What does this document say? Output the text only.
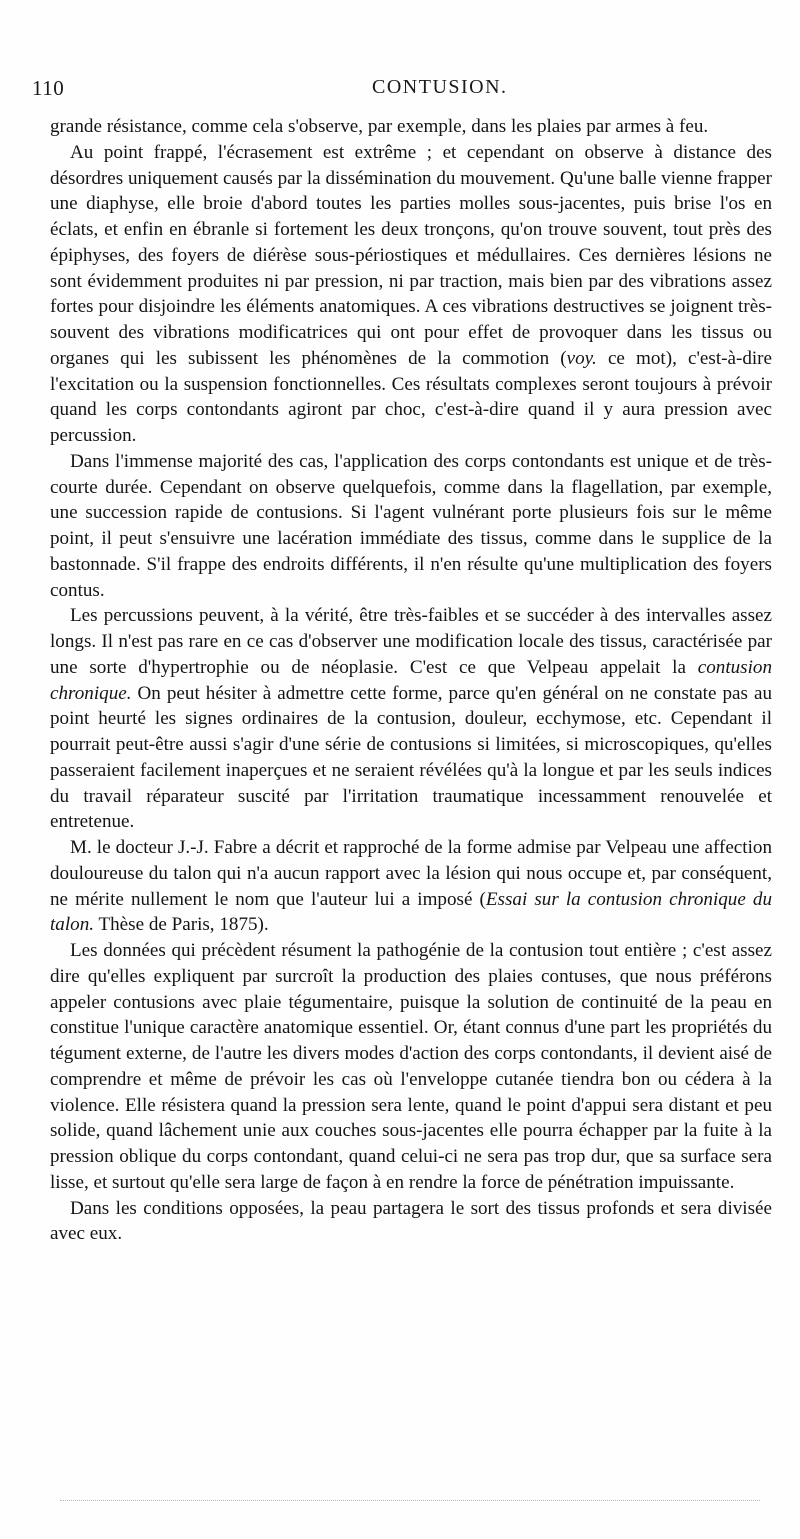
110	CONTUSION.

grande résistance, comme cela s'observe, par exemple, dans les plaies par armes à feu.

Au point frappé, l'écrasement est extrême ; et cependant on observe à distance des désordres uniquement causés par la dissémination du mouvement. Qu'une balle vienne frapper une diaphyse, elle broie d'abord toutes les parties molles sous-jacentes, puis brise l'os en éclats, et enfin en ébranle si fortement les deux tronçons, qu'on trouve souvent, tout près des épiphyses, des foyers de diérèse sous-périostiques et médullaires. Ces dernières lésions ne sont évidemment produites ni par pression, ni par traction, mais bien par des vibrations assez fortes pour disjoindre les éléments anatomiques. A ces vibrations destructives se joignent très-souvent des vibrations modificatrices qui ont pour effet de provoquer dans les tissus ou organes qui les subissent les phénomènes de la commotion (voy. ce mot), c'est-à-dire l'excitation ou la suspension fonctionnelles. Ces résultats complexes seront toujours à prévoir quand les corps contondants agiront par choc, c'est-à-dire quand il y aura pression avec percussion.

Dans l'immense majorité des cas, l'application des corps contondants est unique et de très-courte durée. Cependant on observe quelquefois, comme dans la flagellation, par exemple, une succession rapide de contusions. Si l'agent vulnérant porte plusieurs fois sur le même point, il peut s'ensuivre une lacération immédiate des tissus, comme dans le supplice de la bastonnade. S'il frappe des endroits différents, il n'en résulte qu'une multiplication des foyers contus.

Les percussions peuvent, à la vérité, être très-faibles et se succéder à des intervalles assez longs. Il n'est pas rare en ce cas d'observer une modification locale des tissus, caractérisée par une sorte d'hypertrophie ou de néoplasie. C'est ce que Velpeau appelait la contusion chronique. On peut hésiter à admettre cette forme, parce qu'en général on ne constate pas au point heurté les signes ordinaires de la contusion, douleur, ecchymose, etc. Cependant il pourrait peut-être aussi s'agir d'une série de contusions si limitées, si microscopiques, qu'elles passeraient facilement inaperçues et ne seraient révélées qu'à la longue et par les seuls indices du travail réparateur suscité par l'irritation traumatique incessamment renouvelée et entretenue.

M. le docteur J.-J. Fabre a décrit et rapproché de la forme admise par Velpeau une affection douloureuse du talon qui n'a aucun rapport avec la lésion qui nous occupe et, par conséquent, ne mérite nullement le nom que l'auteur lui a imposé (Essai sur la contusion chronique du talon. Thèse de Paris, 1875).

Les données qui précèdent résument la pathogénie de la contusion tout entière ; c'est assez dire qu'elles expliquent par surcroît la production des plaies contuses, que nous préférons appeler contusions avec plaie tégumentaire, puisque la solution de continuité de la peau en constitue l'unique caractère anatomique essentiel. Or, étant connus d'une part les propriétés du tégument externe, de l'autre les divers modes d'action des corps contondants, il devient aisé de comprendre et même de prévoir les cas où l'enveloppe cutanée tiendra bon ou cédera à la violence. Elle résistera quand la pression sera lente, quand le point d'appui sera distant et peu solide, quand lâchement unie aux couches sous-jacentes elle pourra échapper par la fuite à la pression oblique du corps contondant, quand celui-ci ne sera pas trop dur, que sa surface sera lisse, et surtout qu'elle sera large de façon à en rendre la force de pénétration impuissante.

Dans les conditions opposées, la peau partagera le sort des tissus profonds et sera divisée avec eux.
